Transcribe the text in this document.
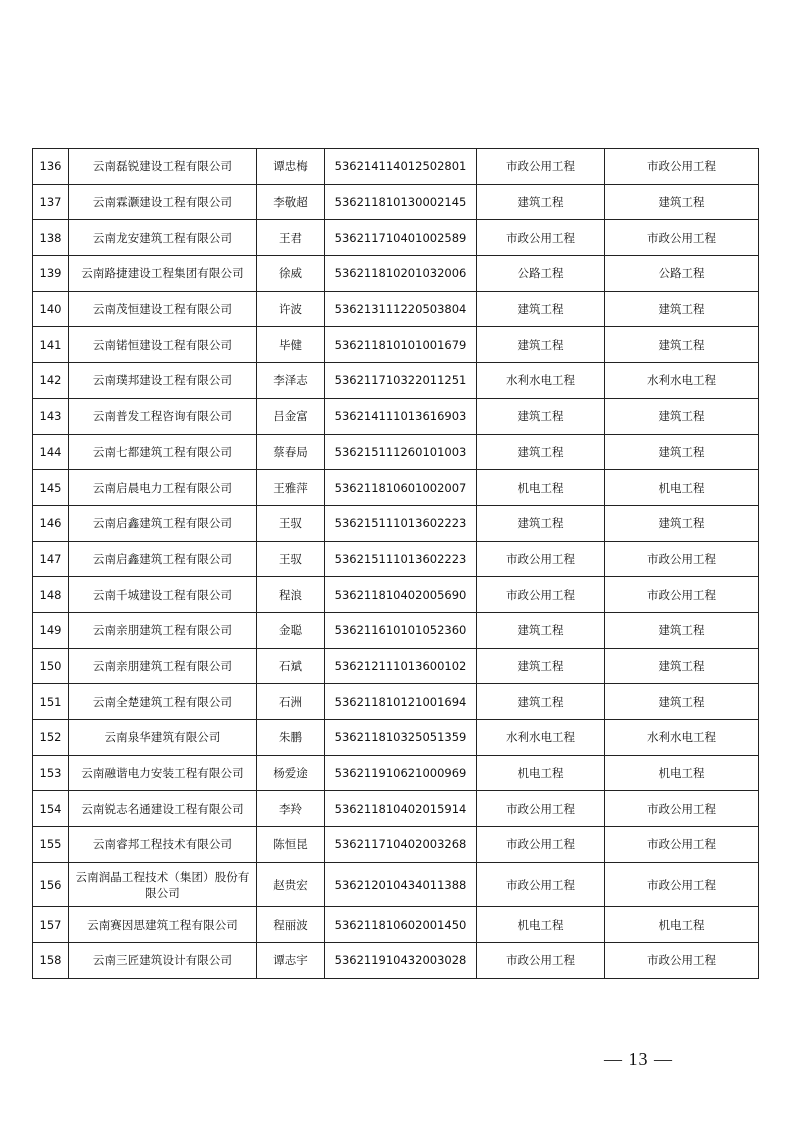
136	云南磊锐建设工程有限公司	谭忠梅	536214114012502801	市政公用工程	市政公用工程
137	云南霖灏建设工程有限公司	李敬超	536211810130002145	建筑工程	建筑工程
138	云南龙安建筑工程有限公司	王君	536211710401002589	市政公用工程	市政公用工程
139	云南路捷建设工程集团有限公司	徐威	536211810201032006	公路工程	公路工程
140	云南茂恒建设工程有限公司	许波	536213111220503804	建筑工程	建筑工程
141	云南锘恒建设工程有限公司	毕健	536211810101001679	建筑工程	建筑工程
142	云南璞邦建设工程有限公司	李泽志	536211710322011251	水利水电工程	水利水电工程
143	云南普发工程咨询有限公司	吕金富	536214111013616903	建筑工程	建筑工程
144	云南七都建筑工程有限公司	蔡春局	536215111260101003	建筑工程	建筑工程
145	云南启晨电力工程有限公司	王雅萍	536211810601002007	机电工程	机电工程
146	云南启鑫建筑工程有限公司	王驭	536215111013602223	建筑工程	建筑工程
147	云南启鑫建筑工程有限公司	王驭	536215111013602223	市政公用工程	市政公用工程
148	云南千城建设工程有限公司	程浪	536211810402005690	市政公用工程	市政公用工程
149	云南亲朋建筑工程有限公司	金聪	536211610101052360	建筑工程	建筑工程
150	云南亲朋建筑工程有限公司	石斌	536212111013600102	建筑工程	建筑工程
151	云南全楚建筑工程有限公司	石洲	536211810121001694	建筑工程	建筑工程
152	云南泉华建筑有限公司	朱鹏	536211810325051359	水利水电工程	水利水电工程
153	云南融谐电力安装工程有限公司	杨爱途	536211910621000969	机电工程	机电工程
154	云南锐志名通建设工程有限公司	李羚	536211810402015914	市政公用工程	市政公用工程
155	云南睿邦工程技术有限公司	陈恒昆	536211710402003268	市政公用工程	市政公用工程
156	云南润晶工程技术（集团）股份有限公司	赵贵宏	536212010434011388	市政公用工程	市政公用工程
157	云南赛因思建筑工程有限公司	程丽波	536211810602001450	机电工程	机电工程
158	云南三匠建筑设计有限公司	谭志宇	536211910432003028	市政公用工程	市政公用工程
— 13 —
